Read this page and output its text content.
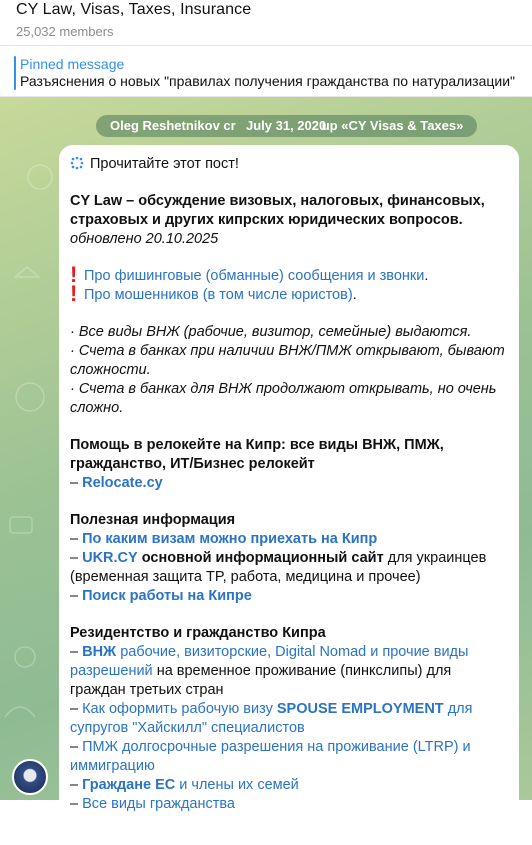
CY Law, Visas, Taxes, Insurance
25,032 members
Pinned message
Разъяснения о новых "правилах получения гражданства по натурализации"
Oleg Reshetnikov cr	up «CY Visas & Taxes»
July 31, 2020
Прочитайте этот пост!
CY Law – обсуждение визовых, налоговых, финансовых,
страховых и других кипрских юридических вопросов.
обновлено 20.10.2025
! Про фишинговые (обманные) сообщения и звонки.
! Про мошенников (в том числе юристов).
· Все виды ВНЖ (рабочие, визитор, семейные) выдаются.
· Счета в банках при наличии ВНЖ/ПМЖ открывают, бывают
сложности.
· Счета в банках для ВНЖ продолжают открывать, но очень
сложно.
Помощь в релокейте на Кипр: все виды ВНЖ, ПМЖ,
гражданство, ИТ/Бизнес релокейт
– Relocate.cy
Полезная информация
– По каким визам можно приехать на Кипр
– UKR.CY основной информационный сайт для украинцев
(временная защита TP, работа, медицина и прочее)
– Поиск работы на Кипре
Резидентство и гражданство Кипра
– ВНЖ рабочие, визиторские, Digital Nomad и прочие виды
разрешений на временное проживание (пинкслипы) для
граждан третьих стран
– Как оформить рабочую визу SPOUSE EMPLOYMENT для
супругов "Хайскилл" специалистов
– ПМЖ долгосрочные разрешения на проживание (LTRP) и
иммиграцию
– Граждане ЕС и члены их семей
– Все виды гражданства
